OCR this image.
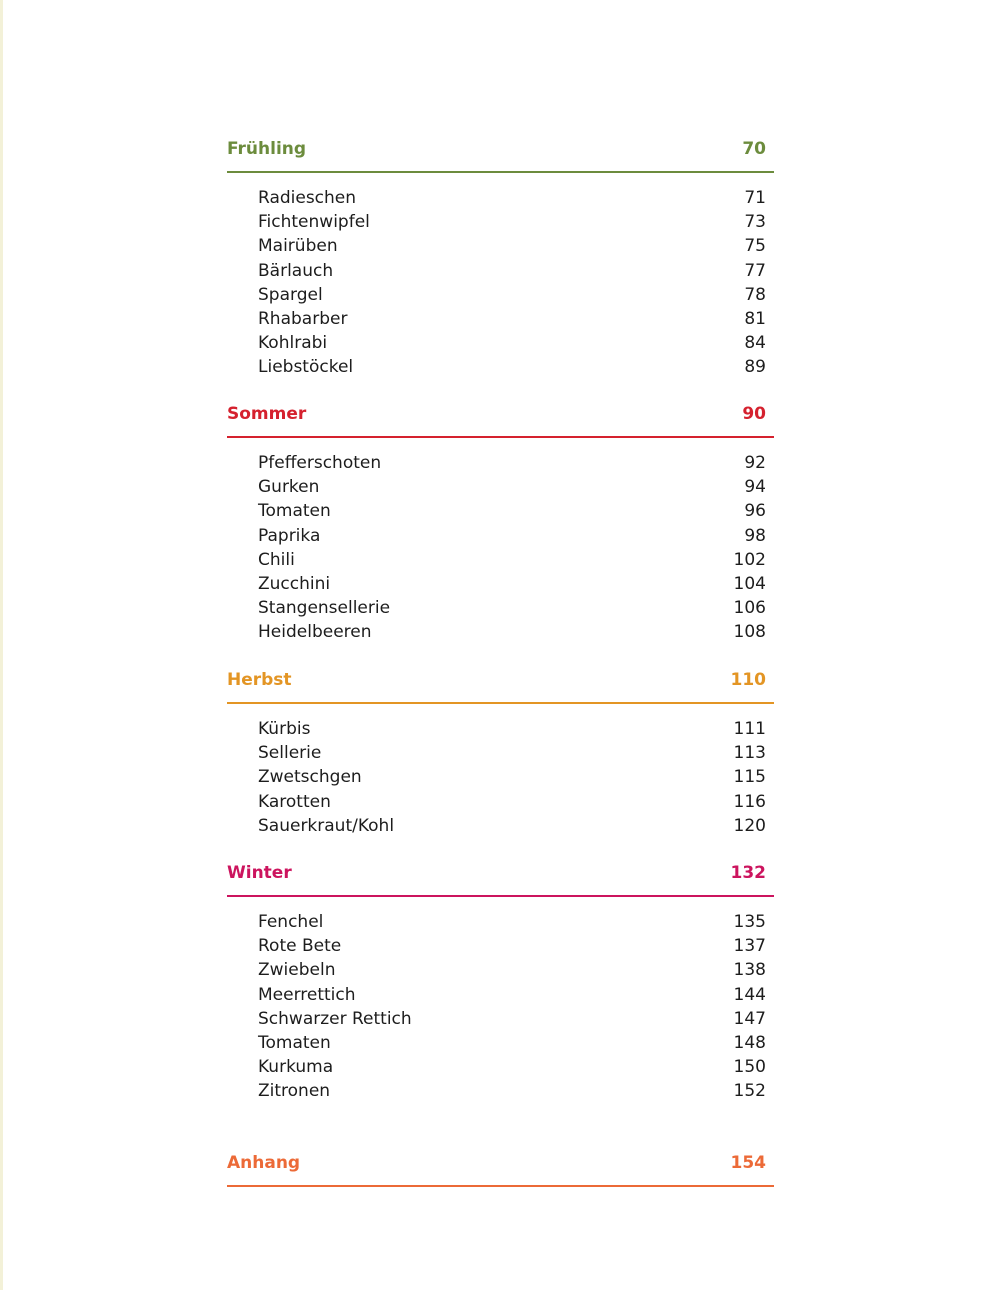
Frühling	70
Radieschen	71
Fichtenwipfel	73
Mairüben	75
Bärlauch	77
Spargel	78
Rhabarber	81
Kohlrabi	84
Liebstöckel	89
Sommer	90
Pfefferschoten	92
Gurken	94
Tomaten	96
Paprika	98
Chili	102
Zucchini	104
Stangensellerie	106
Heidelbeeren	108
Herbst	110
Kürbis	111
Sellerie	113
Zwetschgen	115
Karotten	116
Sauerkraut/Kohl	120
Winter	132
Fenchel	135
Rote Bete	137
Zwiebeln	138
Meerrettich	144
Schwarzer Rettich	147
Tomaten	148
Kurkuma	150
Zitronen	152
Anhang	154
